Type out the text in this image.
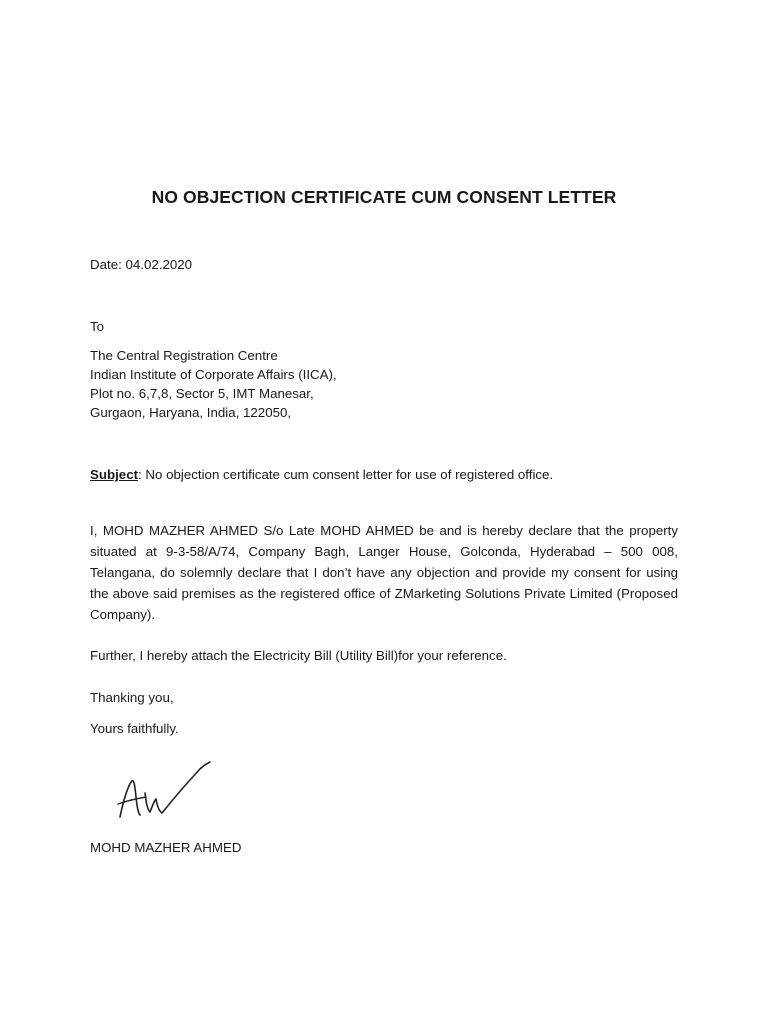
NO OBJECTION CERTIFICATE CUM CONSENT LETTER
Date: 04.02.2020
To
The Central Registration Centre
Indian Institute of Corporate Affairs (IICA),
Plot no. 6,7,8, Sector 5, IMT Manesar,
Gurgaon, Haryana, India, 122050,
Subject: No objection certificate cum consent letter for use of registered office.
I, MOHD MAZHER AHMED S/o Late MOHD AHMED be and is hereby declare that the property situated at 9-3-58/A/74, Company Bagh, Langer House, Golconda, Hyderabad – 500 008, Telangana, do solemnly declare that I don’t have any objection and provide my consent for using the above said premises as the registered office of ZMarketing Solutions Private Limited (Proposed Company).
Further, I hereby attach the Electricity Bill (Utility Bill)for your reference.
Thanking you,
Yours faithfully.
MOHD MAZHER AHMED
